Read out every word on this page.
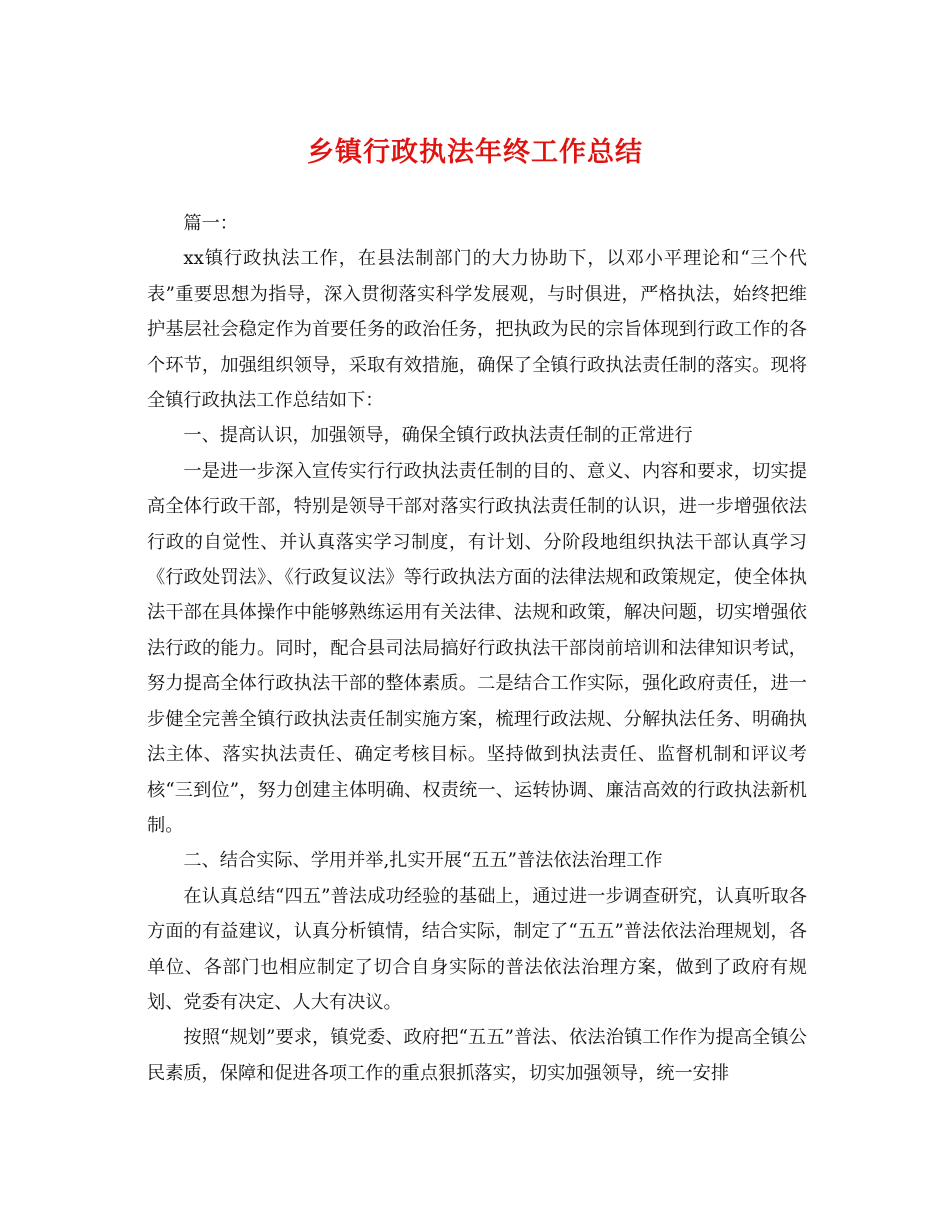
乡镇行政执法年终工作总结

篇一：

xx镇行政执法工作，在县法制部门的大力协助下，以邓小平理论和“三个代表”重要思想为指导，深入贯彻落实科学发展观，与时俱进，严格执法，始终把维护基层社会稳定作为首要任务的政治任务，把执政为民的宗旨体现到行政工作的各个环节，加强组织领导，采取有效措施，确保了全镇行政执法责任制的落实。现将全镇行政执法工作总结如下：

一、提高认识，加强领导，确保全镇行政执法责任制的正常进行

一是进一步深入宣传实行行政执法责任制的目的、意义、内容和要求，切实提高全体行政干部，特别是领导干部对落实行政执法责任制的认识，进一步增强依法行政的自觉性、并认真落实学习制度，有计划、分阶段地组织执法干部认真学习《行政处罚法》、《行政复议法》等行政执法方面的法律法规和政策规定，使全体执法干部在具体操作中能够熟练运用有关法律、法规和政策，解决问题，切实增强依法行政的能力。同时，配合县司法局搞好行政执法干部岗前培训和法律知识考试，努力提高全体行政执法干部的整体素质。二是结合工作实际，强化政府责任，进一步健全完善全镇行政执法责任制实施方案，梳理行政法规、分解执法任务、明确执法主体、落实执法责任、确定考核目标。坚持做到执法责任、监督机制和评议考核“三到位”，努力创建主体明确、权责统一、运转协调、廉洁高效的行政执法新机制。

二、结合实际、学用并举,扎实开展“五五”普法依法治理工作

在认真总结“四五”普法成功经验的基础上，通过进一步调查研究，认真听取各方面的有益建议，认真分析镇情，结合实际，制定了“五五”普法依法治理规划，各单位、各部门也相应制定了切合自身实际的普法依法治理方案，做到了政府有规划、党委有决定、人大有决议。

按照“规划”要求，镇党委、政府把“五五”普法、依法治镇工作作为提高全镇公民素质，保障和促进各项工作的重点狠抓落实，切实加强领导，统一安排
